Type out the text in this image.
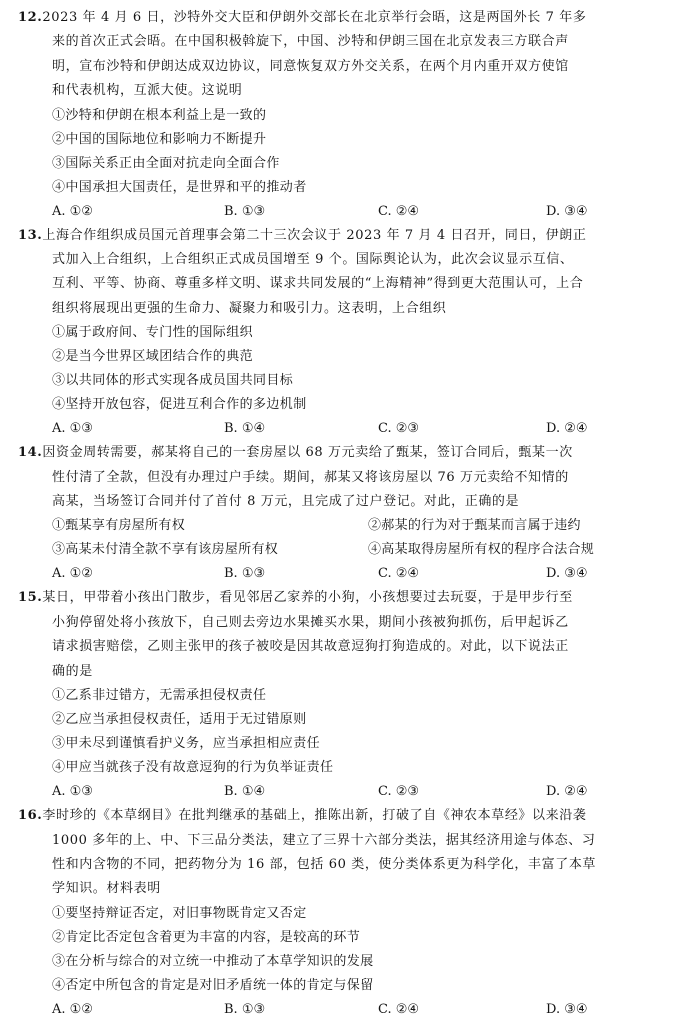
12.2023 年 4 月 6 日，沙特外交大臣和伊朗外交部长在北京举行会晤，这是两国外长 7 年多
来的首次正式会晤。在中国积极斡旋下，中国、沙特和伊朗三国在北京发表三方联合声
明，宣布沙特和伊朗达成双边协议，同意恢复双方外交关系，在两个月内重开双方使馆
和代表机构，互派大使。这说明

①沙特和伊朗在根本利益上是一致的
②中国的国际地位和影响力不断提升
③国际关系正由全面对抗走向全面合作
④中国承担大国责任，是世界和平的推动者
A. ①②	B. ①③	C. ②④	D. ③④

13.上海合作组织成员国元首理事会第二十三次会议于 2023 年 7 月 4 日召开，同日，伊朗正
式加入上合组织，上合组织正式成员国增至 9 个。国际舆论认为，此次会议显示互信、
互利、平等、协商、尊重多样文明、谋求共同发展的“上海精神”得到更大范围认可，上合
组织将展现出更强的生命力、凝聚力和吸引力。这表明，上合组织

①属于政府间、专门性的国际组织
②是当今世界区域团结合作的典范
③以共同体的形式实现各成员国共同目标
④坚持开放包容，促进互利合作的多边机制
A. ①③	B. ①④	C. ②③	D. ②④

14.因资金周转需要，郝某将自己的一套房屋以 68 万元卖给了甄某，签订合同后，甄某一次
性付清了全款，但没有办理过户手续。期间，郝某又将该房屋以 76 万元卖给不知情的
高某，当场签订合同并付了首付 8 万元，且完成了过户登记。对此，正确的是

①甄某享有房屋所有权	②郝某的行为对于甄某而言属于违约
③高某未付清全款不享有该房屋所有权	④高某取得房屋所有权的程序合法合规
A. ①②	B. ①③	C. ②④	D. ③④

15.某日，甲带着小孩出门散步，看见邻居乙家养的小狗，小孩想要过去玩耍，于是甲步行至
小狗停留处将小孩放下，自己则去旁边水果摊买水果，期间小孩被狗抓伤，后甲起诉乙
请求损害赔偿，乙则主张甲的孩子被咬是因其故意逗狗打狗造成的。对此，以下说法正
确的是

①乙系非过错方，无需承担侵权责任
②乙应当承担侵权责任，适用于无过错原则
③甲未尽到谨慎看护义务，应当承担相应责任
④甲应当就孩子没有故意逗狗的行为负举证责任
A. ①③	B. ①④	C. ②③	D. ②④

16.李时珍的《本草纲目》在批判继承的基础上，推陈出新，打破了自《神农本草经》以来沿袭
1000 多年的上、中、下三品分类法，建立了三界十六部分类法，据其经济用途与体态、习
性和内含物的不同，把药物分为 16 部，包括 60 类，使分类体系更为科学化，丰富了本草
学知识。材料表明

①要坚持辩证否定，对旧事物既肯定又否定
②肯定比否定包含着更为丰富的内容，是较高的环节
③在分析与综合的对立统一中推动了本草学知识的发展
④否定中所包含的肯定是对旧矛盾统一体的肯定与保留
A. ①②	B. ①③	C. ②④	D. ③④
